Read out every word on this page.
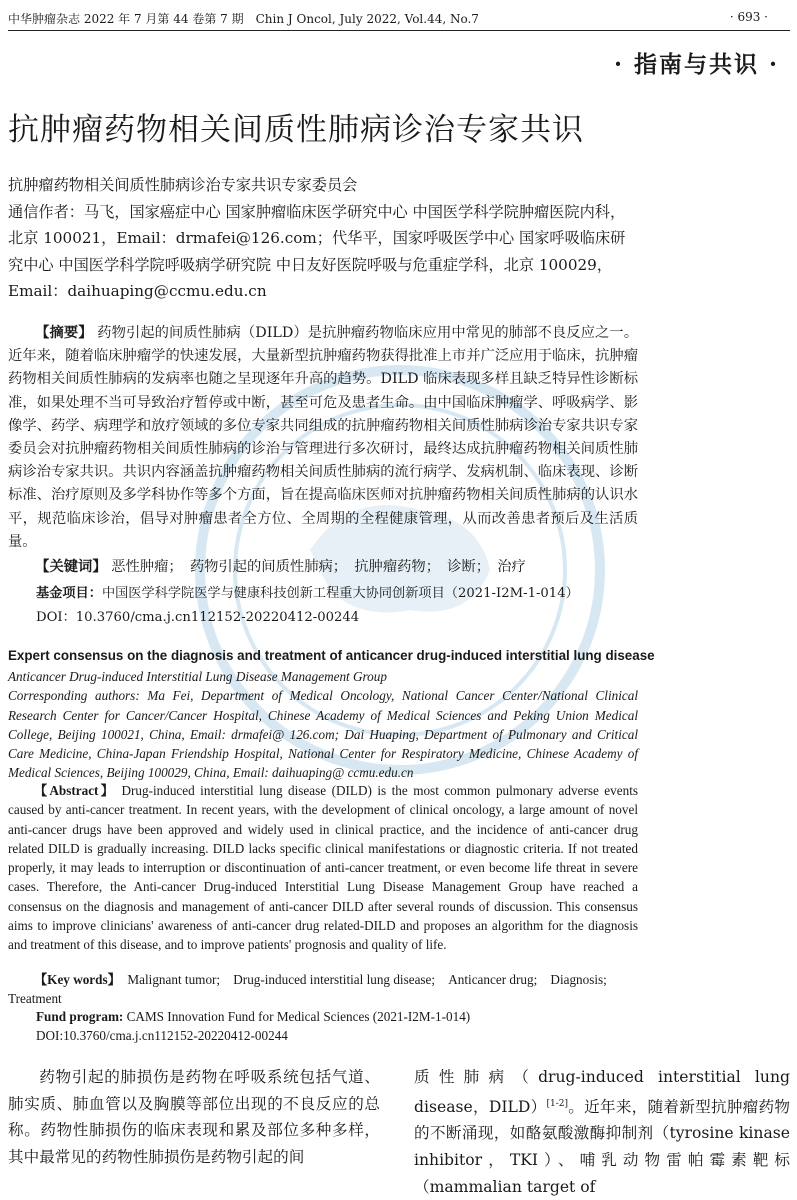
中华肿瘤杂志 2022 年 7 月第 44 卷第 7 期　Chin J Oncol, July 2022, Vol.44, No.7	· 693 ·
· 指南与共识 ·
抗肿瘤药物相关间质性肺病诊治专家共识
抗肿瘤药物相关间质性肺病诊治专家共识专家委员会
通信作者：马飞，国家癌症中心 国家肿瘤临床医学研究中心 中国医学科学院肿瘤医院内科，北京 100021，Email：drmafei@126.com；代华平，国家呼吸医学中心 国家呼吸临床研究中心 中国医学科学院呼吸病学研究院 中日友好医院呼吸与危重症学科，北京 100029，Email：daihuaping@ccmu.edu.cn

【摘要】 药物引起的间质性肺病（DILD）是抗肿瘤药物临床应用中常见的肺部不良反应之一。近年来，随着临床肿瘤学的快速发展，大量新型抗肿瘤药物获得批准上市并广泛应用于临床，抗肿瘤药物相关间质性肺病的发病率也随之呈现逐年升高的趋势。DILD 临床表现多样且缺乏特异性诊断标准，如果处理不当可导致治疗暂停或中断，甚至可危及患者生命。由中国临床肿瘤学、呼吸病学、影像学、药学、病理学和放疗领域的多位专家共同组成的抗肿瘤药物相关间质性肺病诊治专家共识专家委员会对抗肿瘤药物相关间质性肺病的诊治与管理进行多次研讨，最终达成抗肿瘤药物相关间质性肺病诊治专家共识。共识内容涵盖抗肿瘤药物相关间质性肺病的流行病学、发病机制、临床表现、诊断标准、治疗原则及多学科协作等多个方面，旨在提高临床医师对抗肿瘤药物相关间质性肺病的认识水平，规范临床诊治，倡导对肿瘤患者全方位、全周期的全程健康管理，从而改善患者预后及生活质量。

【关键词】 恶性肿瘤；　药物引起的间质性肺病；　抗肿瘤药物；　诊断；　治疗

基金项目：中国医学科学院医学与健康科技创新工程重大协同创新项目（2021-I2M-1-014）
DOI：10.3760/cma.j.cn112152-20220412-00244
Expert consensus on the diagnosis and treatment of anticancer drug-induced interstitial lung disease
Anticancer Drug-induced Interstitial Lung Disease Management Group
Corresponding authors: Ma Fei, Department of Medical Oncology, National Cancer Center/National Clinical Research Center for Cancer/Cancer Hospital, Chinese Academy of Medical Sciences and Peking Union Medical College, Beijing 100021, China, Email: drmafei@ 126.com; Dai Huaping, Department of Pulmonary and Critical Care Medicine, China-Japan Friendship Hospital, National Center for Respiratory Medicine, Chinese Academy of Medical Sciences, Beijing 100029, China, Email: daihuaping@ ccmu.edu.cn
【Abstract】 Drug-induced interstitial lung disease (DILD) is the most common pulmonary adverse events caused by anti-cancer treatment. In recent years, with the development of clinical oncology, a large amount of novel anti-cancer drugs have been approved and widely used in clinical practice, and the incidence of anti-cancer drug related DILD is gradually increasing. DILD lacks specific clinical manifestations or diagnostic criteria. If not treated properly, it may leads to interruption or discontinuation of anti-cancer treatment, or even become life threat in severe cases. Therefore, the Anti-cancer Drug-induced Interstitial Lung Disease Management Group have reached a consensus on the diagnosis and management of anti-cancer DILD after several rounds of discussion. This consensus aims to improve clinicians' awareness of anti-cancer drug related-DILD and proposes an algorithm for the diagnosis and treatment of this disease, and to improve patients' prognosis and quality of life.
【Key words】 Malignant tumor;　Drug-induced interstitial lung disease;　Anticancer drug;　Diagnosis;　Treatment
Fund program: CAMS Innovation Fund for Medical Sciences (2021-I2M-1-014)
DOI:10.3760/cma.j.cn112152-20220412-00244
药物引起的肺损伤是药物在呼吸系统包括气道、肺实质、肺血管以及胸膜等部位出现的不良反应的总称。药物性肺损伤的临床表现和累及部位多种多样，其中最常见的药物性肺损伤是药物引起的间
质性肺病（drug-induced interstitial lung disease，DILD）[1-2]。近年来，随着新型抗肿瘤药物的不断涌现，如酪氨酸激酶抑制剂（tyrosine kinase inhibitor，TKI）、哺乳动物雷帕霉素靶标（mammalian target of
